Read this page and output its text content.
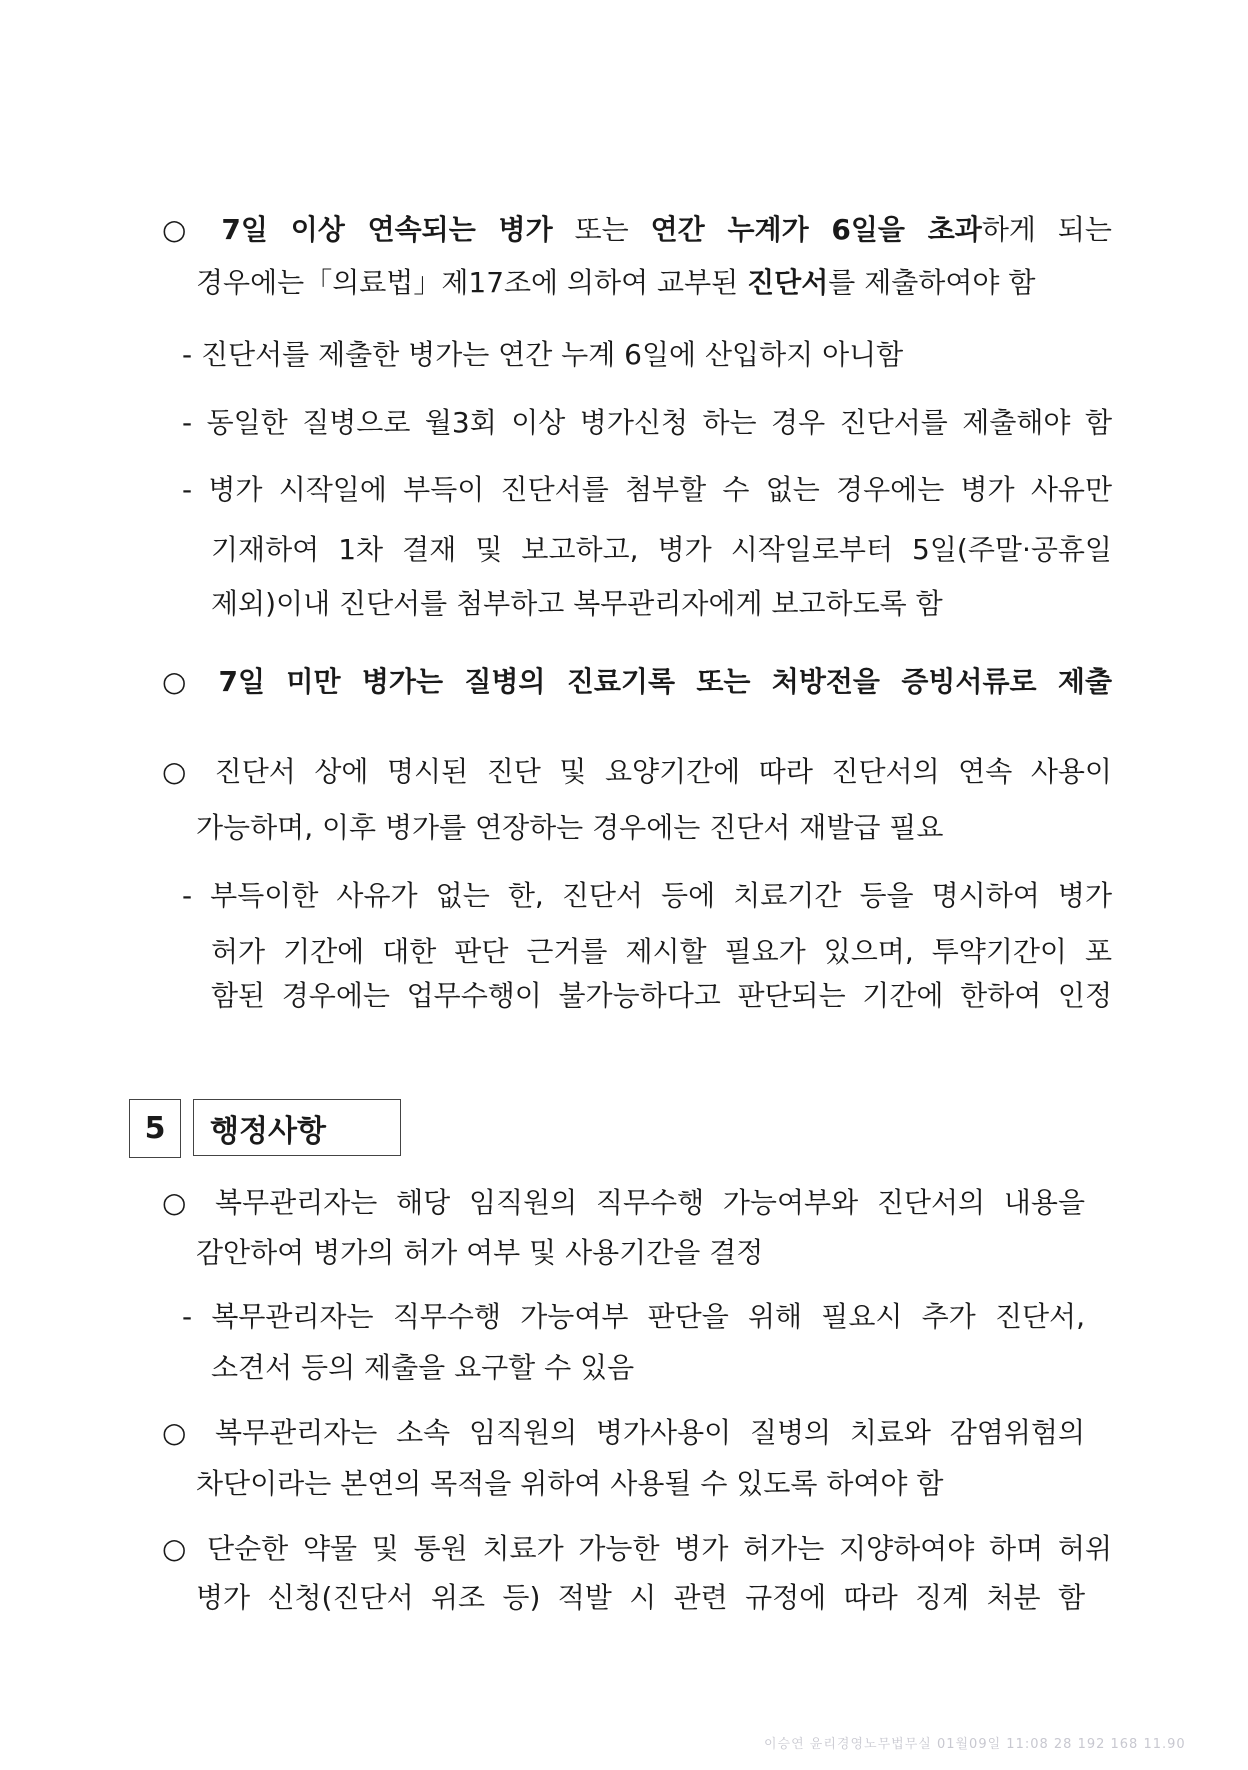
5 행정사항
○ 7일 이상 연속되는 병가 또는 연간 누계가 6일을 초과하게 되는
경우에는「의료법」제17조에 의하여 교부된 진단서를 제출하여야 함
- 진단서를 제출한 병가는 연간 누계 6일에 산입하지 아니함
- 동일한 질병으로 월3회 이상 병가신청 하는 경우 진단서를 제출해야 함
- 병가 시작일에 부득이 진단서를 첨부할 수 없는 경우에는 병가 사유만
기재하여 1차 결재 및 보고하고, 병가 시작일로부터 5일(주말·공휴일
제외)이내 진단서를 첨부하고 복무관리자에게 보고하도록 함
○ 7일 미만 병가는 질병의 진료기록 또는 처방전을 증빙서류로 제출
○ 진단서 상에 명시된 진단 및 요양기간에 따라 진단서의 연속 사용이
가능하며, 이후 병가를 연장하는 경우에는 진단서 재발급 필요
- 부득이한 사유가 없는 한, 진단서 등에 치료기간 등을 명시하여 병가
허가 기간에 대한 판단 근거를 제시할 필요가 있으며, 투약기간이 포
함된 경우에는 업무수행이 불가능하다고 판단되는 기간에 한하여 인정
○ 복무관리자는 해당 임직원의 직무수행 가능여부와 진단서의 내용을
감안하여 병가의 허가 여부 및 사용기간을 결정
- 복무관리자는 직무수행 가능여부 판단을 위해 필요시 추가 진단서,
소견서 등의 제출을 요구할 수 있음
○ 복무관리자는 소속 임직원의 병가사용이 질병의 치료와 감염위험의
차단이라는 본연의 목적을 위하여 사용될 수 있도록 하여야 함
○ 단순한 약물 및 통원 치료가 가능한 병가 허가는 지양하여야 하며 허위
병가 신청(진단서 위조 등) 적발 시 관련 규정에 따라 징계 처분 함
이승연 윤리경영노무법무실 01월09일 11:08 28 192 168 11.90
